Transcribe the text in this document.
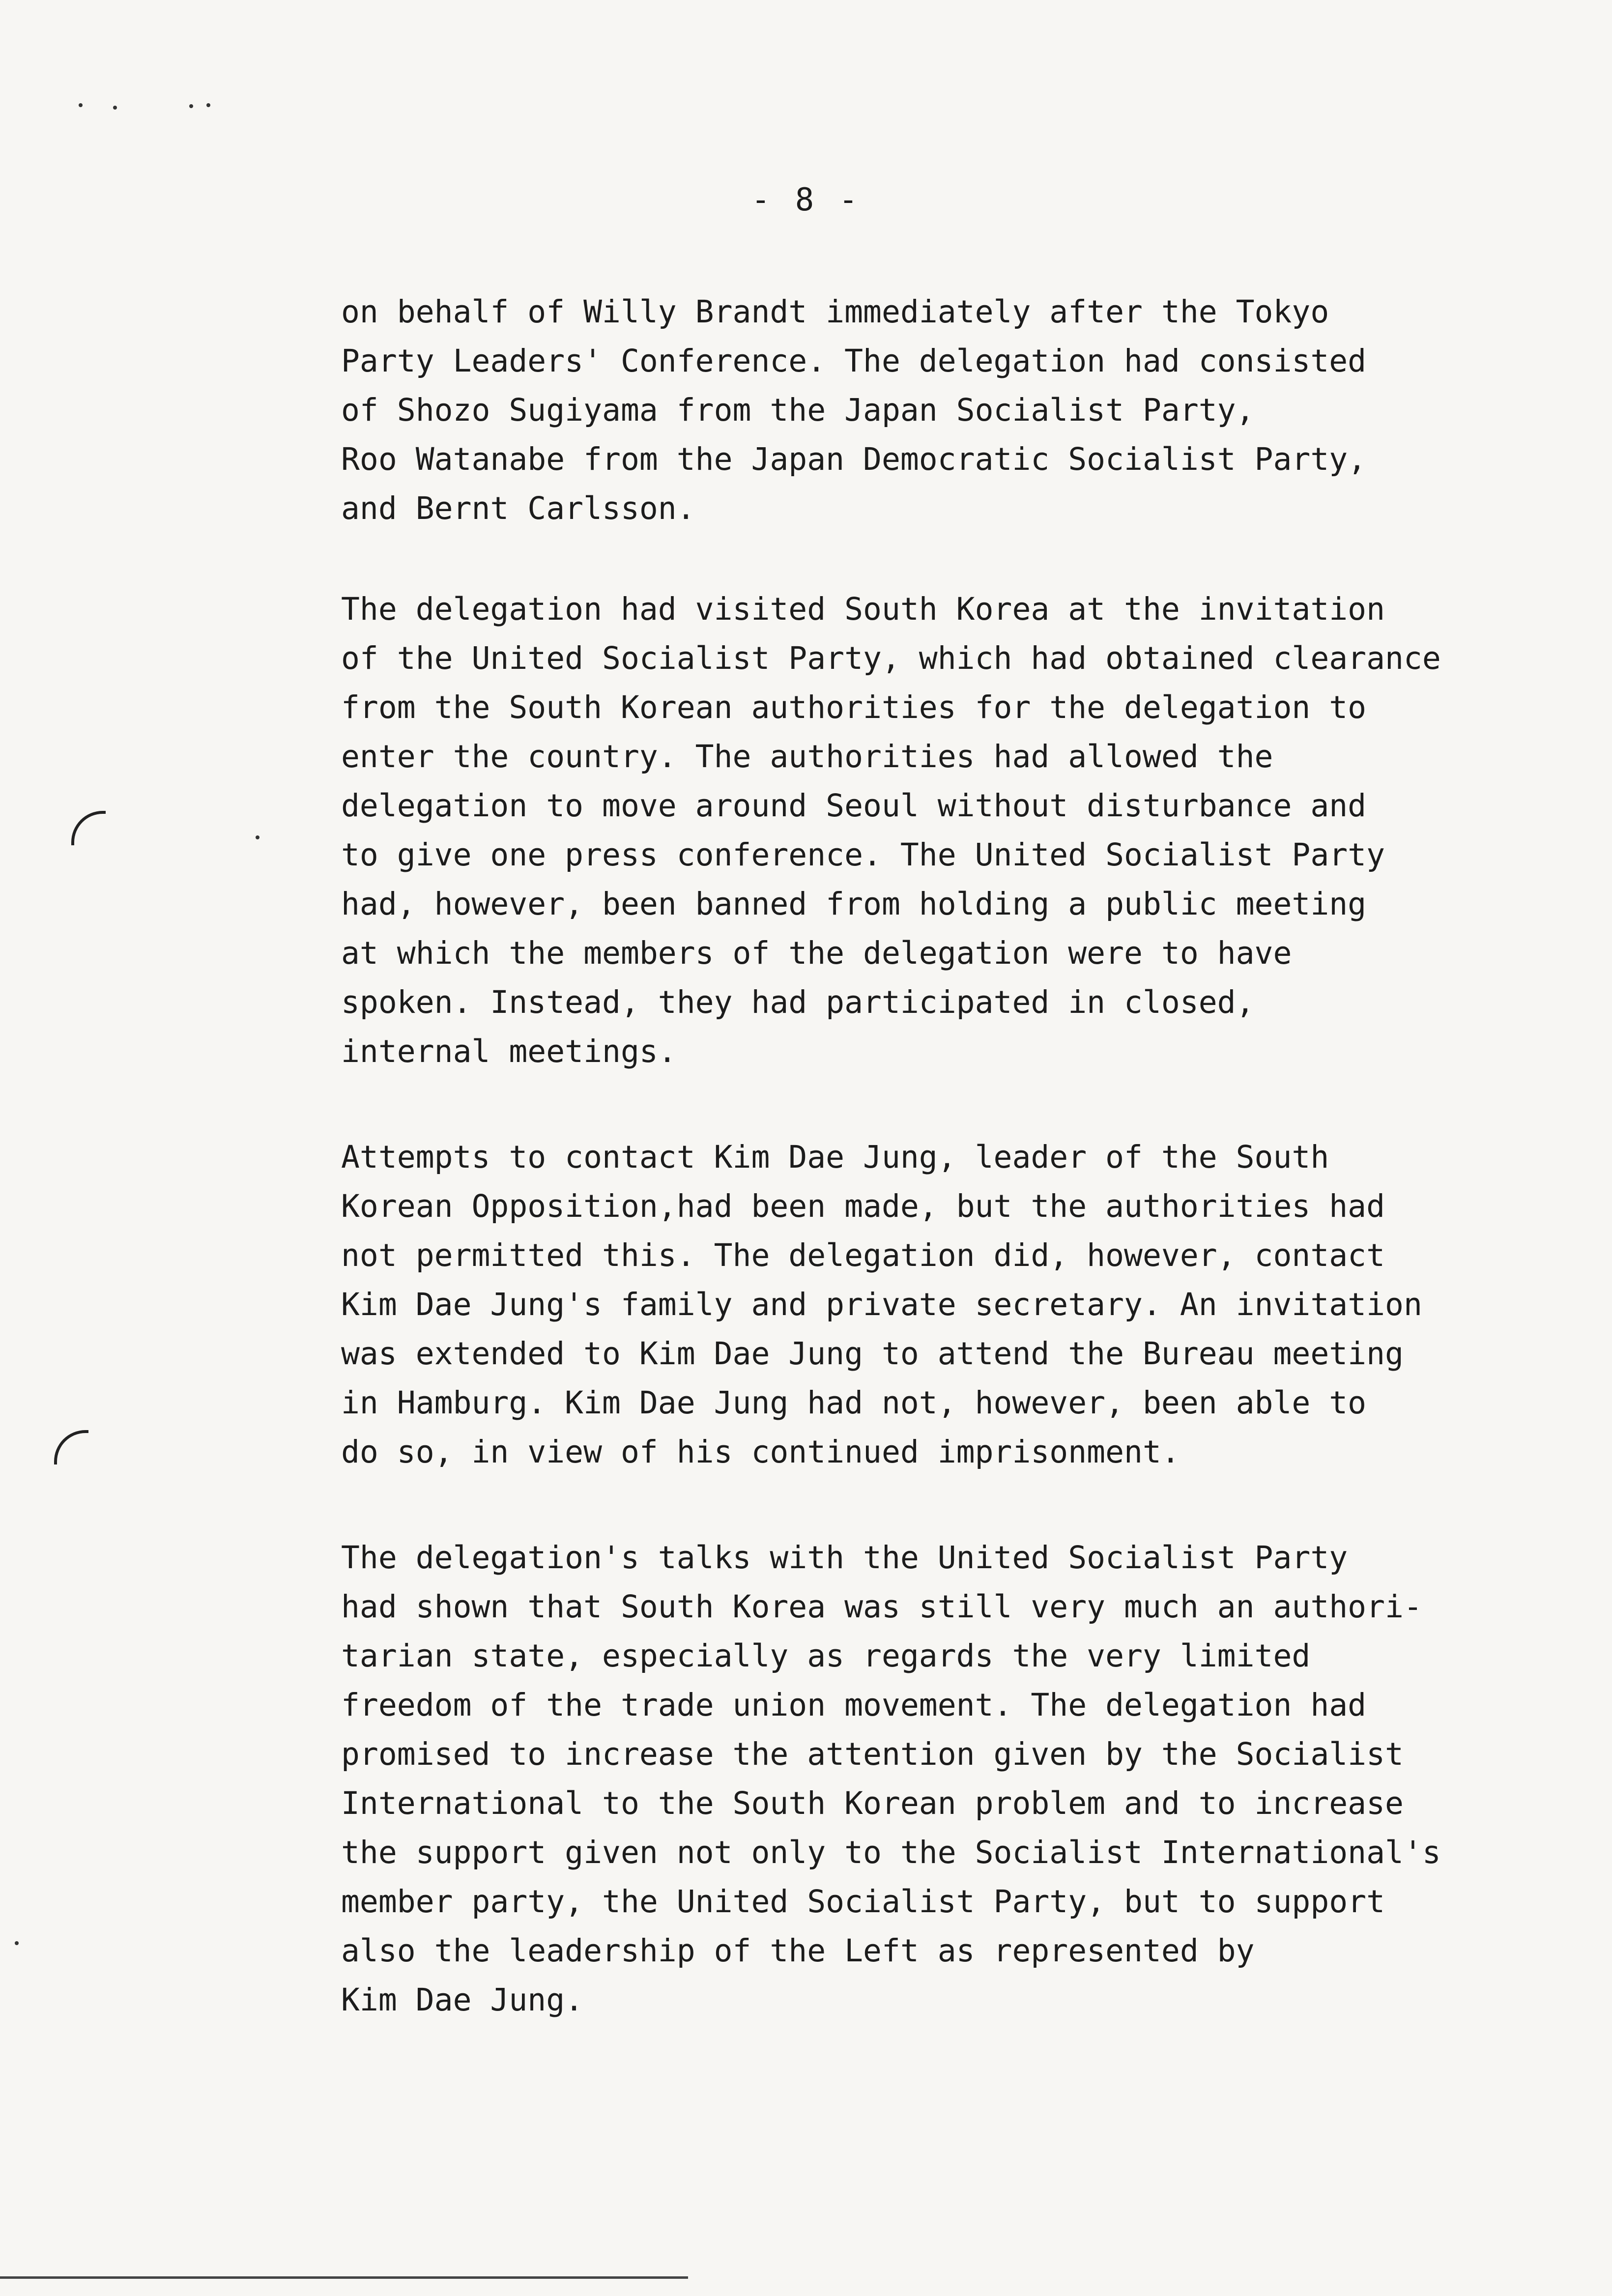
- 8 -
on behalf of Willy Brandt immediately after the Tokyo
Party Leaders' Conference. The delegation had consisted
of Shozo Sugiyama from the Japan Socialist Party,
Roo Watanabe from the Japan Democratic Socialist Party,
and Bernt Carlsson.
The delegation had visited South Korea at the invitation
of the United Socialist Party, which had obtained clearance
from the South Korean authorities for the delegation to
enter the country. The authorities had allowed the
delegation to move around Seoul without disturbance and
to give one press conference. The United Socialist Party
had, however, been banned from holding a public meeting
at which the members of the delegation were to have
spoken. Instead, they had participated in closed,
internal meetings.
Attempts to contact Kim Dae Jung, leader of the South
Korean Opposition,had been made, but the authorities had
not permitted this. The delegation did, however, contact
Kim Dae Jung's family and private secretary. An invitation
was extended to Kim Dae Jung to attend the Bureau meeting
in Hamburg. Kim Dae Jung had not, however, been able to
do so, in view of his continued imprisonment.
The delegation's talks with the United Socialist Party
had shown that South Korea was still very much an authori-
tarian state, especially as regards the very limited
freedom of the trade union movement. The delegation had
promised to increase the attention given by the Socialist
International to the South Korean problem and to increase
the support given not only to the Socialist International's
member party, the United Socialist Party, but to support
also the leadership of the Left as represented by
Kim Dae Jung.
